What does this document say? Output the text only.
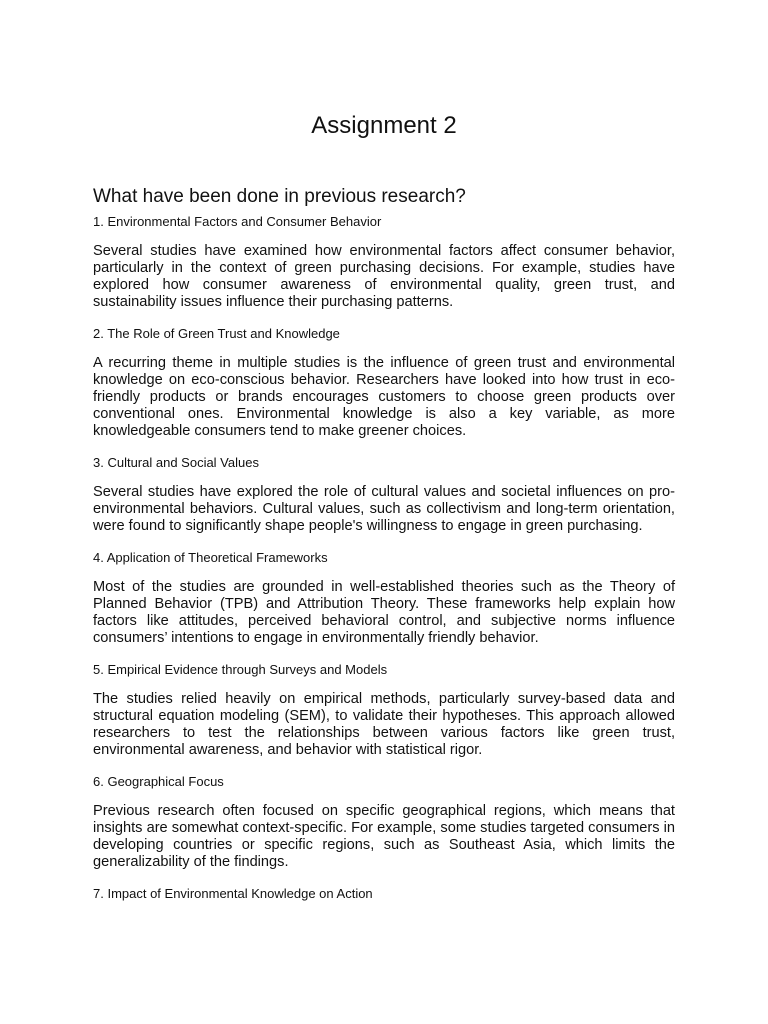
Assignment 2
What have been done in previous research?

1. Environmental Factors and Consumer Behavior

Several studies have examined how environmental factors affect consumer behavior, particularly in the context of green purchasing decisions. For example, studies have explored how consumer awareness of environmental quality, green trust, and sustainability issues influence their purchasing patterns.

2. The Role of Green Trust and Knowledge

A recurring theme in multiple studies is the influence of green trust and environmental knowledge on eco-conscious behavior. Researchers have looked into how trust in eco-friendly products or brands encourages customers to choose green products over conventional ones. Environmental knowledge is also a key variable, as more knowledgeable consumers tend to make greener choices.

3. Cultural and Social Values

Several studies have explored the role of cultural values and societal influences on pro-environmental behaviors. Cultural values, such as collectivism and long-term orientation, were found to significantly shape people's willingness to engage in green purchasing.

4. Application of Theoretical Frameworks

Most of the studies are grounded in well-established theories such as the Theory of Planned Behavior (TPB) and Attribution Theory. These frameworks help explain how factors like attitudes, perceived behavioral control, and subjective norms influence consumers’ intentions to engage in environmentally friendly behavior.

5. Empirical Evidence through Surveys and Models

The studies relied heavily on empirical methods, particularly survey-based data and structural equation modeling (SEM), to validate their hypotheses. This approach allowed researchers to test the relationships between various factors like green trust, environmental awareness, and behavior with statistical rigor.

6. Geographical Focus

Previous research often focused on specific geographical regions, which means that insights are somewhat context-specific. For example, some studies targeted consumers in developing countries or specific regions, such as Southeast Asia, which limits the generalizability of the findings.

7. Impact of Environmental Knowledge on Action
